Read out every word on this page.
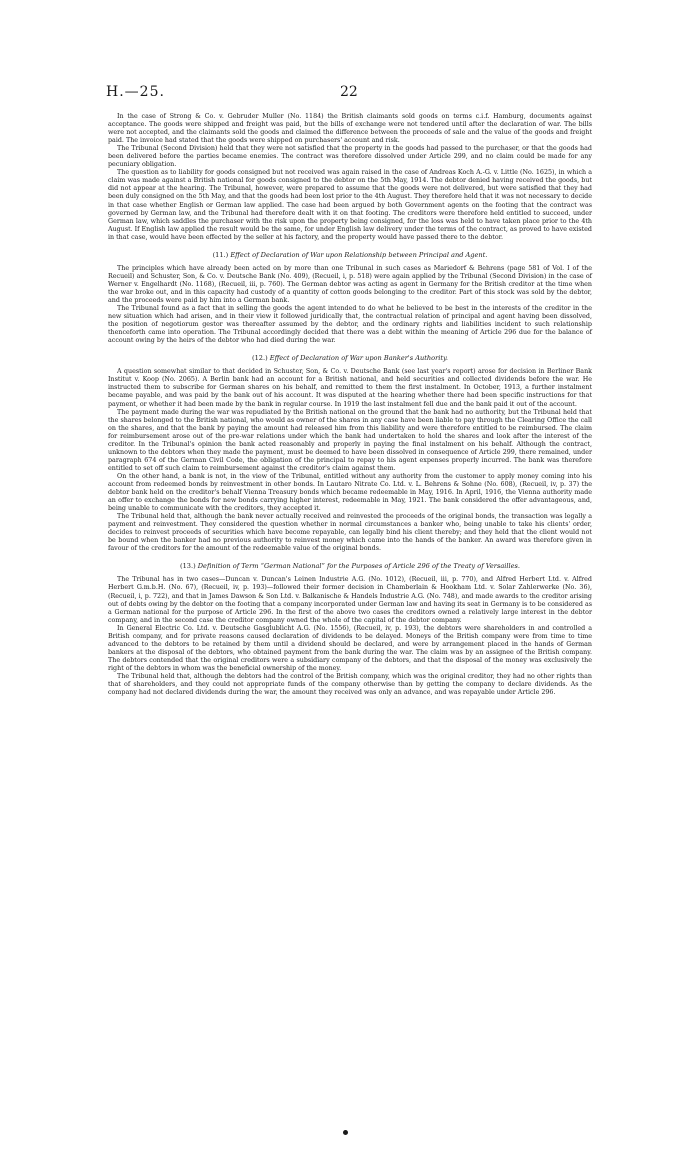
H.—25.	22

In the case of Strong & Co. v. Gebruder Muller (No. 1184) the British claimants sold goods on terms c.i.f. Hamburg, documents against acceptance. The goods were shipped and freight was paid, but the bills of exchange were not tendered until after the declaration of war. The bills were not accepted, and the claimants sold the goods and claimed the difference between the proceeds of sale and the value of the goods and freight paid. The invoice had stated that the goods were shipped on purchasers' account and risk.

The Tribunal (Second Division) held that they were not satisfied that the property in the goods had passed to the purchaser, or that the goods had been delivered before the parties became enemies. The contract was therefore dissolved under Article 299, and no claim could be made for any pecuniary obligation.

The question as to liability for goods consigned but not received was again raised in the case of Andreas Koch A.-G. v. Little (No. 1625), in which a claim was made against a British national for goods consigned to the debtor on the 5th May, 1914. The debtor denied having received the goods, but did not appear at the hearing. The Tribunal, however, were prepared to assume that the goods were not delivered, but were satisfied that they had been duly consigned on the 5th May, and that the goods had been lost prior to the 4th August. They therefore held that it was not necessary to decide in that case whether English or German law applied. The case had been argued by both Government agents on the footing that the contract was governed by German law, and the Tribunal had therefore dealt with it on that footing. The creditors were therefore held entitled to succeed, under German law, which saddles the purchaser with the risk upon the property being consigned, for the loss was held to have taken place prior to the 4th August. If English law applied the result would be the same, for under English law delivery under the terms of the contract, as proved to have existed in that case, would have been effected by the seller at his factory, and the property would have passed there to the debtor.

(11.) Effect of Declaration of War upon Relationship between Principal and Agent.

The principles which have already been acted on by more than one Tribunal in such cases as Mariedorf & Behrens (page 581 of Vol. I of the Recueil) and Schuster, Son, & Co. v. Deutsche Bank (No. 409), (Recueil, i, p. 518) were again applied by the Tribunal (Second Division) in the case of Werner v. Engelhardt (No. 1168), (Recueil, iii, p. 760). The German debtor was acting as agent in Germany for the British creditor at the time when the war broke out, and in this capacity had custody of a quantity of cotton goods belonging to the creditor. Part of this stock was sold by the debtor, and the proceeds were paid by him into a German bank.

The Tribunal found as a fact that in selling the goods the agent intended to do what he believed to be best in the interests of the creditor in the new situation which had arisen, and in their view it followed juridically that, the contractual relation of principal and agent having been dissolved, the position of negotiorum gestor was thereafter assumed by the debtor, and the ordinary rights and liabilities incident to such relationship thenceforth came into operation. The Tribunal accordingly decided that there was a debt within the meaning of Article 296 due for the balance of account owing by the heirs of the debtor who had died during the war.

(12.) Effect of Declaration of War upon Banker's Authority.

A question somewhat similar to that decided in Schuster, Son, & Co. v. Deutsche Bank (see last year's report) arose for decision in Berliner Bank Institut v. Koop (No. 2065). A Berlin bank had an account for a British national, and held securities and collected dividends before the war. He instructed them to subscribe for German shares on his behalf, and remitted to them the first instalment. In October, 1913, a further instalment became payable, and was paid by the bank out of his account. It was disputed at the hearing whether there had been specific instructions for that payment, or whether it had been made by the bank in regular course. In 1919 the last instalment fell due and the bank paid it out of the account.

The payment made during the war was repudiated by the British national on the ground that the bank had no authority, but the Tribunal held that the shares belonged to the British national, who would as owner of the shares in any case have been liable to pay through the Clearing Office the call on the shares, and that the bank by paying the amount had released him from this liability and were therefore entitled to be reimbursed. The claim for reimbursement arose out of the pre-war relations under which the bank had undertaken to hold the shares and look after the interest of the creditor. In the Tribunal's opinion the bank acted reasonably and properly in paying the final instalment on his behalf. Although the contract, unknown to the debtors when they made the payment, must be deemed to have been dissolved in consequence of Article 299, there remained, under paragraph 674 of the German Civil Code, the obligation of the principal to repay to his agent expenses properly incurred. The bank was therefore entitled to set off such claim to reimbursement against the creditor's claim against them.

On the other hand, a bank is not, in the view of the Tribunal, entitled without any authority from the customer to apply money coming into his account from redeemed bonds by reinvestment in other bonds. In Lautaro Nitrate Co. Ltd. v. L. Behrens & Sohne (No. 608), (Recueil, iv, p. 37) the debtor bank held on the creditor's behalf Vienna Treasury bonds which became redeemable in May, 1916. In April, 1916, the Vienna authority made an offer to exchange the bonds for new bonds carrying higher interest, redeemable in May, 1921. The bank considered the offer advantageous, and, being unable to communicate with the creditors, they accepted it.

The Tribunal held that, although the bank never actually received and reinvested the proceeds of the original bonds, the transaction was legally a payment and reinvestment. They considered the question whether in normal circumstances a banker who, being unable to take his clients' order, decides to reinvest proceeds of securities which have become repayable, can legally bind his client thereby; and they held that the client would not be bound when the banker had no previous authority to reinvest money which came into the hands of the banker. An award was therefore given in favour of the creditors for the amount of the redeemable value of the original bonds.

(13.) Definition of Term “German National” for the Purposes of Article 296 of the Treaty of Versailles.

The Tribunal has in two cases—Duncan v. Duncan's Leinen Industrie A.G. (No. 1012), (Recueil, iii, p. 770), and Alfred Herbert Ltd. v. Alfred Herbert G.m.b.H. (No. 67), (Recueil, iv, p. 193)—followed their former decision in Chamberlain & Hookham Ltd. v. Solar Zahlerwerke (No. 36), (Recueil, i, p. 722), and that in James Dawson & Son Ltd. v. Balkanische & Handels Industrie A.G. (No. 748), and made awards to the creditor arising out of debts owing by the debtor on the footing that a company incorporated under German law and having its seat in Germany is to be considered as a German national for the purpose of Article 296. In the first of the above two cases the creditors owned a relatively large interest in the debtor company, and in the second case the creditor company owned the whole of the capital of the debtor company.

In General Electric Co. Ltd. v. Deutsche Gasglublicht A.G. (No. 1556), (Recueil, iv, p. 193), the debtors were shareholders in and controlled a British company, and for private reasons caused declaration of dividends to be delayed. Moneys of the British company were from time to time advanced to the debtors to be retained by them until a dividend should be declared, and were by arrangement placed in the hands of German bankers at the disposal of the debtors, who obtained payment from the bank during the war. The claim was by an assignee of the British company. The debtors contended that the original creditors were a subsidiary company of the debtors, and that the disposal of the money was exclusively the right of the debtors in whom was the beneficial ownership of the money.

The Tribunal held that, although the debtors had the control of the British company, which was the original creditor, they had no other rights than that of shareholders, and they could not appropriate funds of the company otherwise than by getting the company to declare dividends. As the company had not declared dividends during the war, the amount they received was only an advance, and was repayable under Article 296.
